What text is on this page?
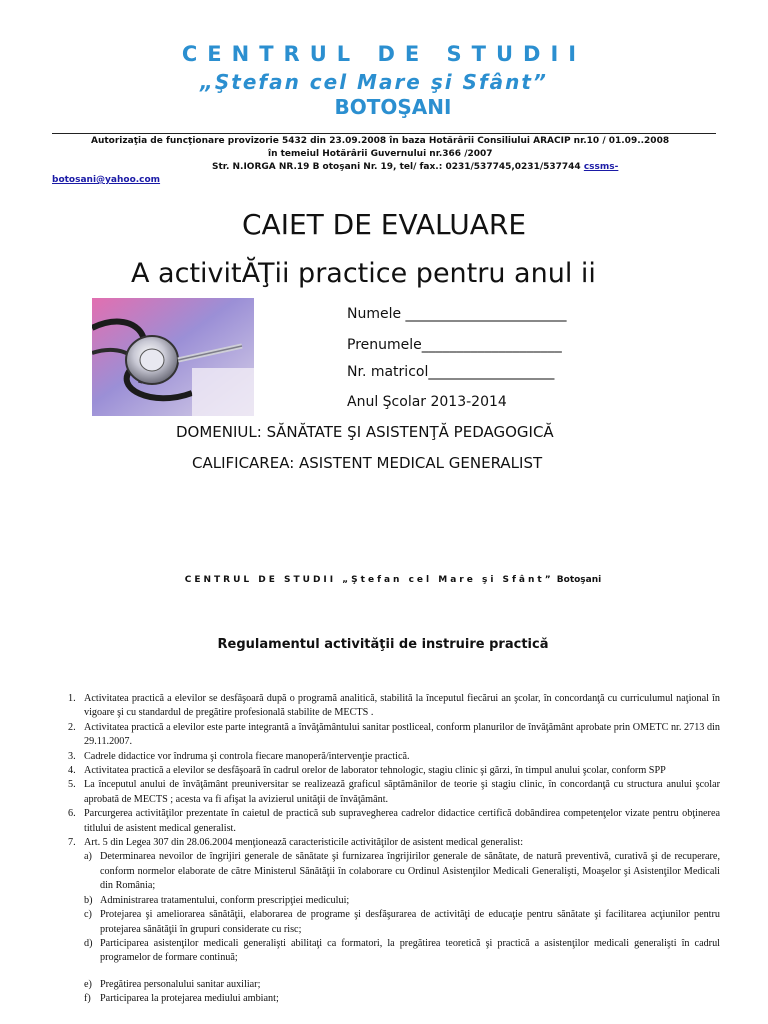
CENTRUL DE STUDII
„Ştefan cel Mare şi Sfânt”
BOTOŞANI
Autorizaţia de funcţionare provizorie 5432 din 23.09.2008 în baza Hotărârii Consiliului ARACIP nr.10 / 01.09..2008
în temeiul Hotărârii Guvernului nr.366 /2007
Str. N.IORGA NR.19 B otoşani Nr. 19, tel/ fax.: 0231/537745,0231/537744 cssms-
botosani@yahoo.com
CAIET DE EVALUARE
A activitĂŢii practice pentru anul ii
Numele _______________________
Prenumele____________________
Nr. matricol__________________
Anul Şcolar 2013-2014
DOMENIUL: SĂNĂTATE ŞI ASISTENŢĂ PEDAGOGICĂ
CALIFICAREA: ASISTENT MEDICAL GENERALIST
CENTRUL DE STUDII „Ştefan cel Mare şi Sfânt” Botoşani
Regulamentul activităţii de instruire practică
1. Activitatea practică a elevilor se desfăşoară după o programă analitică, stabilită la începutul fiecărui an şcolar, în concordanţă cu curriculumul naţional în vigoare şi cu standardul de pregătire profesională stabilite de MECTS .
2. Activitatea practică a elevilor este parte integrantă a învăţământului sanitar postliceal, conform planurilor de învăţământ aprobate prin OMETC nr. 2713 din 29.11.2007.
3. Cadrele didactice vor îndruma şi controla fiecare manoperă/intervenţie practică.
4. Activitatea practică a elevilor se desfăşoară în cadrul orelor de laborator tehnologic, stagiu clinic şi gărzi, în timpul anului şcolar, conform SPP
5. La începutul anului de învăţământ preuniversitar se realizează graficul săptămânilor de teorie şi stagiu clinic, în concordanţă cu structura anului şcolar aprobată de MECTS ; acesta va fi afişat la avizierul unităţii de învăţământ.
6. Parcurgerea activităţilor prezentate în caietul de practică sub supravegherea cadrelor didactice certifică dobândirea competenţelor vizate pentru obţinerea titlului de asistent medical generalist.
7. Art. 5 din Legea 307 din 28.06.2004 menţionează caracteristicile activităţilor de asistent medical generalist:
a) Determinarea nevoilor de îngrijiri generale de sănătate şi furnizarea îngrijirilor generale de sănătate, de natură preventivă, curativă şi de recuperare, conform normelor elaborate de către Ministerul Sănătăţii în colaborare cu Ordinul Asistenţilor Medicali Generalişti, Moaşelor şi Asistenţilor Medicali din România;
b) Administrarea tratamentului, conform prescripţiei medicului;
c) Protejarea şi ameliorarea sănătăţii, elaborarea de programe şi desfăşurarea de activităţi de educaţie pentru sănătate şi facilitarea acţiunilor pentru protejarea sănătăţii în grupuri considerate cu risc;
d) Participarea asistenţilor medicali generalişti abilitaţi ca formatori, la pregătirea teoretică şi practică a asistenţilor medicali generalişti în cadrul programelor de formare continuă;
e) Pregătirea personalului sanitar auxiliar;
f) Participarea la protejarea mediului ambiant;
